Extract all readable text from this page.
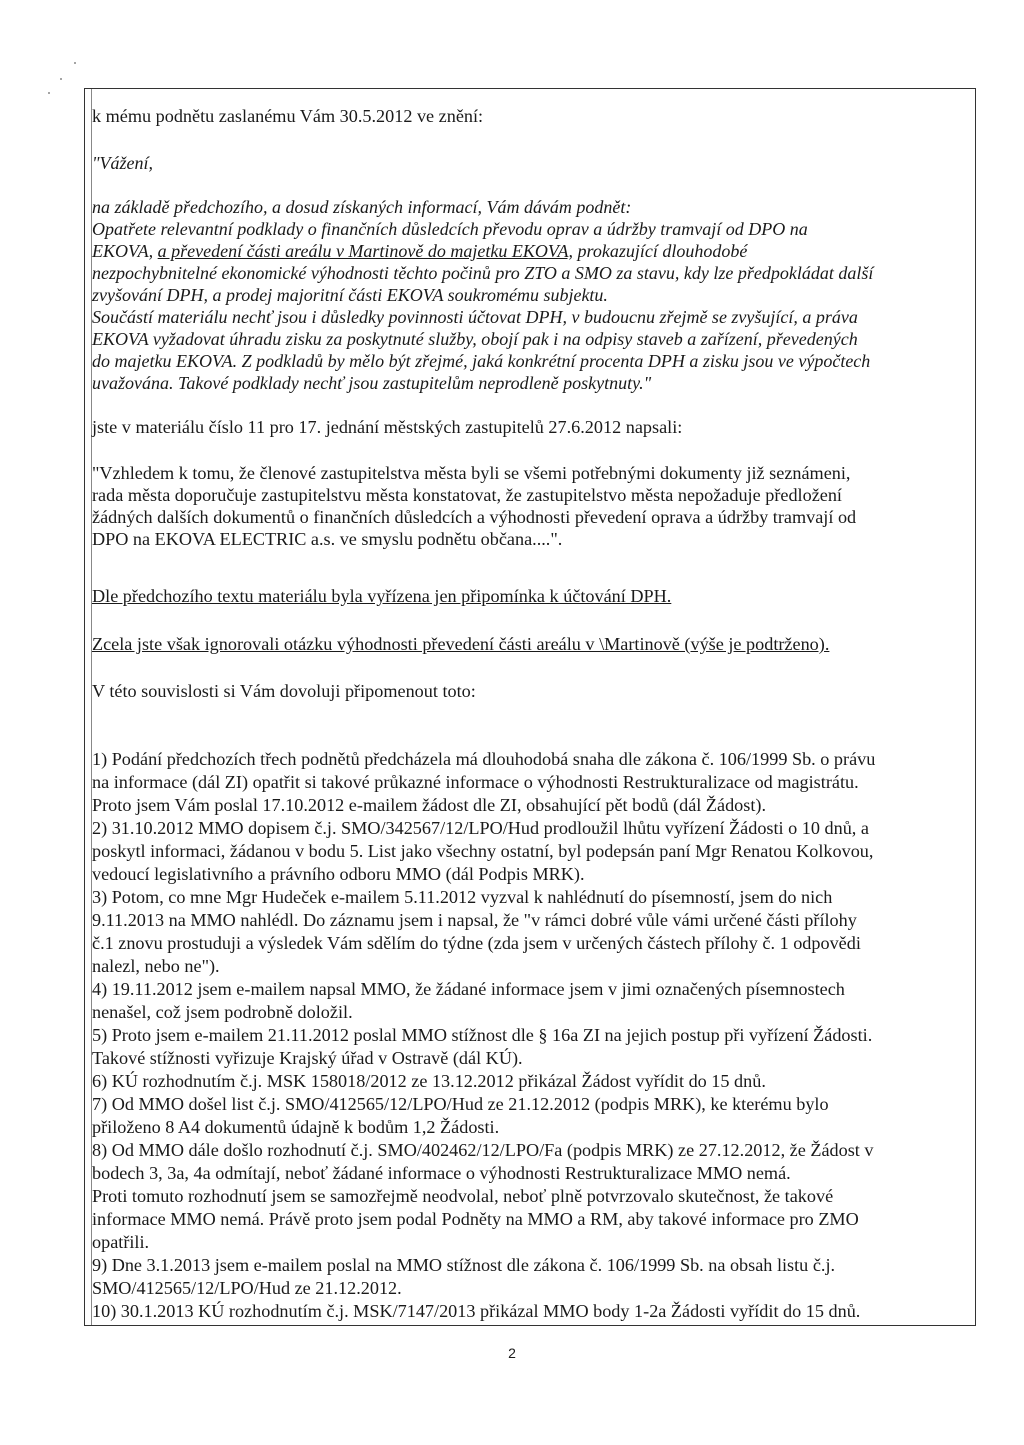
k mému podnětu zaslanému Vám 30.5.2012 ve znění:
"Vážení,
na základě předchozího, a dosud získaných informací, Vám dávám podnět:
Opatřete relevantní podklady o finančních důsledcích převodu oprav a údržby tramvají od DPO na
EKOVA, a převedení části areálu v Martinově do majetku EKOVA, prokazující dlouhodobé
nezpochybnitelné ekonomické výhodnosti těchto počinů pro ZTO a SMO za stavu, kdy lze předpokládat další
zvyšování DPH, a prodej majoritní části EKOVA soukromému subjektu.
Součástí materiálu nechť jsou i důsledky povinnosti účtovat DPH, v budoucnu zřejmě se zvyšující, a práva
EKOVA vyžadovat úhradu zisku za poskytnuté služby, obojí pak i na odpisy staveb a zařízení, převedených
do majetku EKOVA. Z podkladů by mělo být zřejmé, jaká konkrétní procenta DPH a zisku jsou ve výpočtech
uvažována. Takové podklady nechť jsou zastupitelům neprodleně poskytnuty."
jste v materiálu číslo 11 pro 17. jednání městských zastupitelů 27.6.2012 napsali:
"Vzhledem k tomu, že členové zastupitelstva města byli se všemi potřebnými dokumenty již seznámeni,
rada města doporučuje zastupitelstvu města konstatovat, že zastupitelstvo města nepožaduje předložení
žádných dalších dokumentů o finančních důsledcích a výhodnosti převedení oprava a údržby tramvají od
DPO na EKOVA ELECTRIC a.s. ve smyslu podnětu občana....".
Dle předchozího textu materiálu byla vyřízena jen připomínka k účtování DPH.
Zcela jste však ignorovali otázku výhodnosti převedení části areálu v \Martinově (výše je podtrženo).
V této souvislosti si Vám dovoluji připomenout toto:
1) Podání předchozích třech podnětů předcházela má dlouhodobá snaha dle zákona č. 106/1999 Sb. o právu
na informace (dál ZI) opatřit si takové průkazné informace o výhodnosti Restrukturalizace od magistrátu.
Proto jsem Vám poslal 17.10.2012 e-mailem žádost dle ZI, obsahující pět bodů (dál Žádost).
2) 31.10.2012 MMO dopisem č.j. SMO/342567/12/LPO/Hud prodloužil lhůtu vyřízení Žádosti o 10 dnů, a
poskytl informaci, žádanou v bodu 5. List jako všechny ostatní, byl podepsán paní Mgr Renatou Kolkovou,
vedoucí legislativního a právního odboru MMO (dál Podpis MRK).
3) Potom, co mne Mgr Hudeček e-mailem 5.11.2012 vyzval k nahlédnutí do písemností, jsem do nich
9.11.2013 na MMO nahlédl. Do záznamu jsem i napsal, že "v rámci dobré vůle vámi určené části přílohy
č.1 znovu prostuduji a výsledek Vám sdělím do týdne (zda jsem v určených částech přílohy č. 1 odpovědi
nalezl, nebo ne").
4) 19.11.2012 jsem e-mailem napsal MMO, že žádané informace jsem v jimi označených písemnostech
nenašel, což jsem podrobně doložil.
5) Proto jsem e-mailem 21.11.2012 poslal MMO stížnost dle § 16a ZI na jejich postup při vyřízení Žádosti.
Takové stížnosti vyřizuje Krajský úřad v Ostravě (dál KÚ).
6) KÚ rozhodnutím č.j. MSK 158018/2012 ze 13.12.2012 přikázal Žádost vyřídit do 15 dnů.
7) Od MMO došel list č.j. SMO/412565/12/LPO/Hud ze 21.12.2012 (podpis MRK), ke kterému bylo
přiloženo 8 A4 dokumentů údajně k bodům 1,2 Žádosti.
8) Od MMO dále došlo rozhodnutí č.j. SMO/402462/12/LPO/Fa (podpis MRK) ze 27.12.2012, že Žádost v
bodech 3, 3a, 4a odmítají, neboť žádané informace o výhodnosti Restrukturalizace MMO nemá.
Proti tomuto rozhodnutí jsem se samozřejmě neodvolal, neboť plně potvrzovalo skutečnost, že takové
informace MMO nemá. Právě proto jsem podal Podněty na MMO a RM, aby takové informace pro ZMO
opatřili.
9) Dne 3.1.2013 jsem e-mailem poslal na MMO stížnost dle zákona č. 106/1999 Sb. na obsah listu č.j.
SMO/412565/12/LPO/Hud ze 21.12.2012.
10) 30.1.2013 KÚ rozhodnutím č.j. MSK/7147/2013 přikázal MMO body 1-2a Žádosti vyřídit do 15 dnů.
2
